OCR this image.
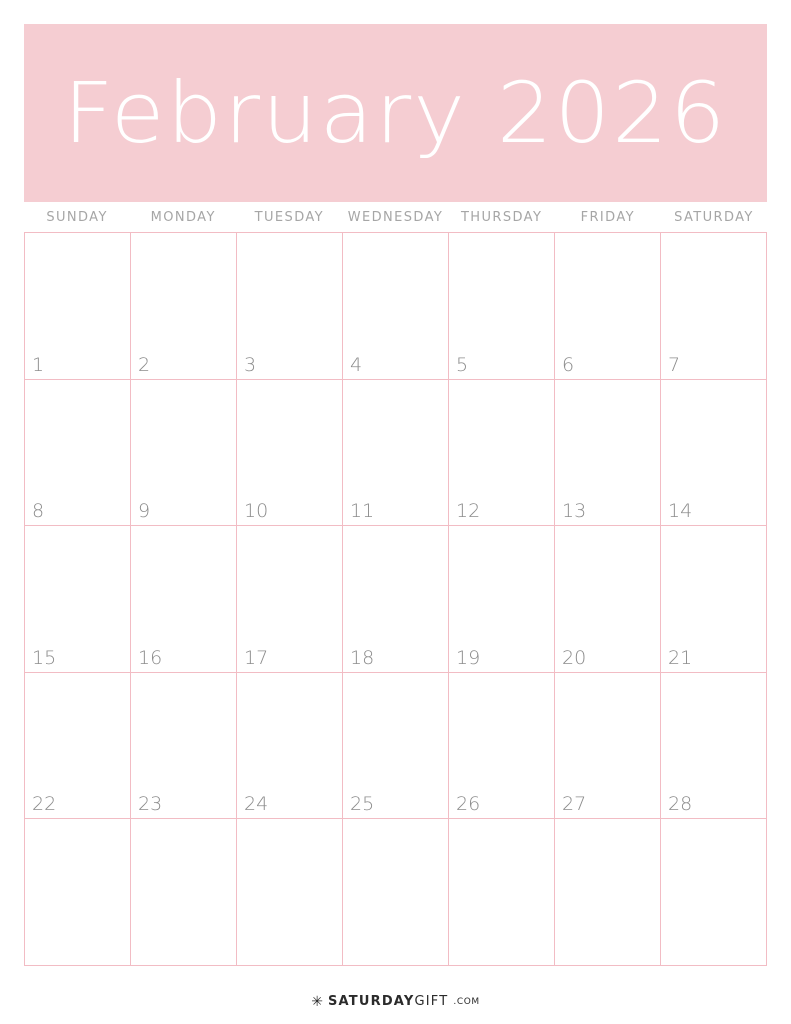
February 2026
SUNDAY	MONDAY	TUESDAY	WEDNESDAY	THURSDAY	FRIDAY	SATURDAY
1	2	3	4	5	6	7
8	9	10	11	12	13	14
15	16	17	18	19	20	21
22	23	24	25	26	27	28
✳ SATURDAYGIFT .COM
